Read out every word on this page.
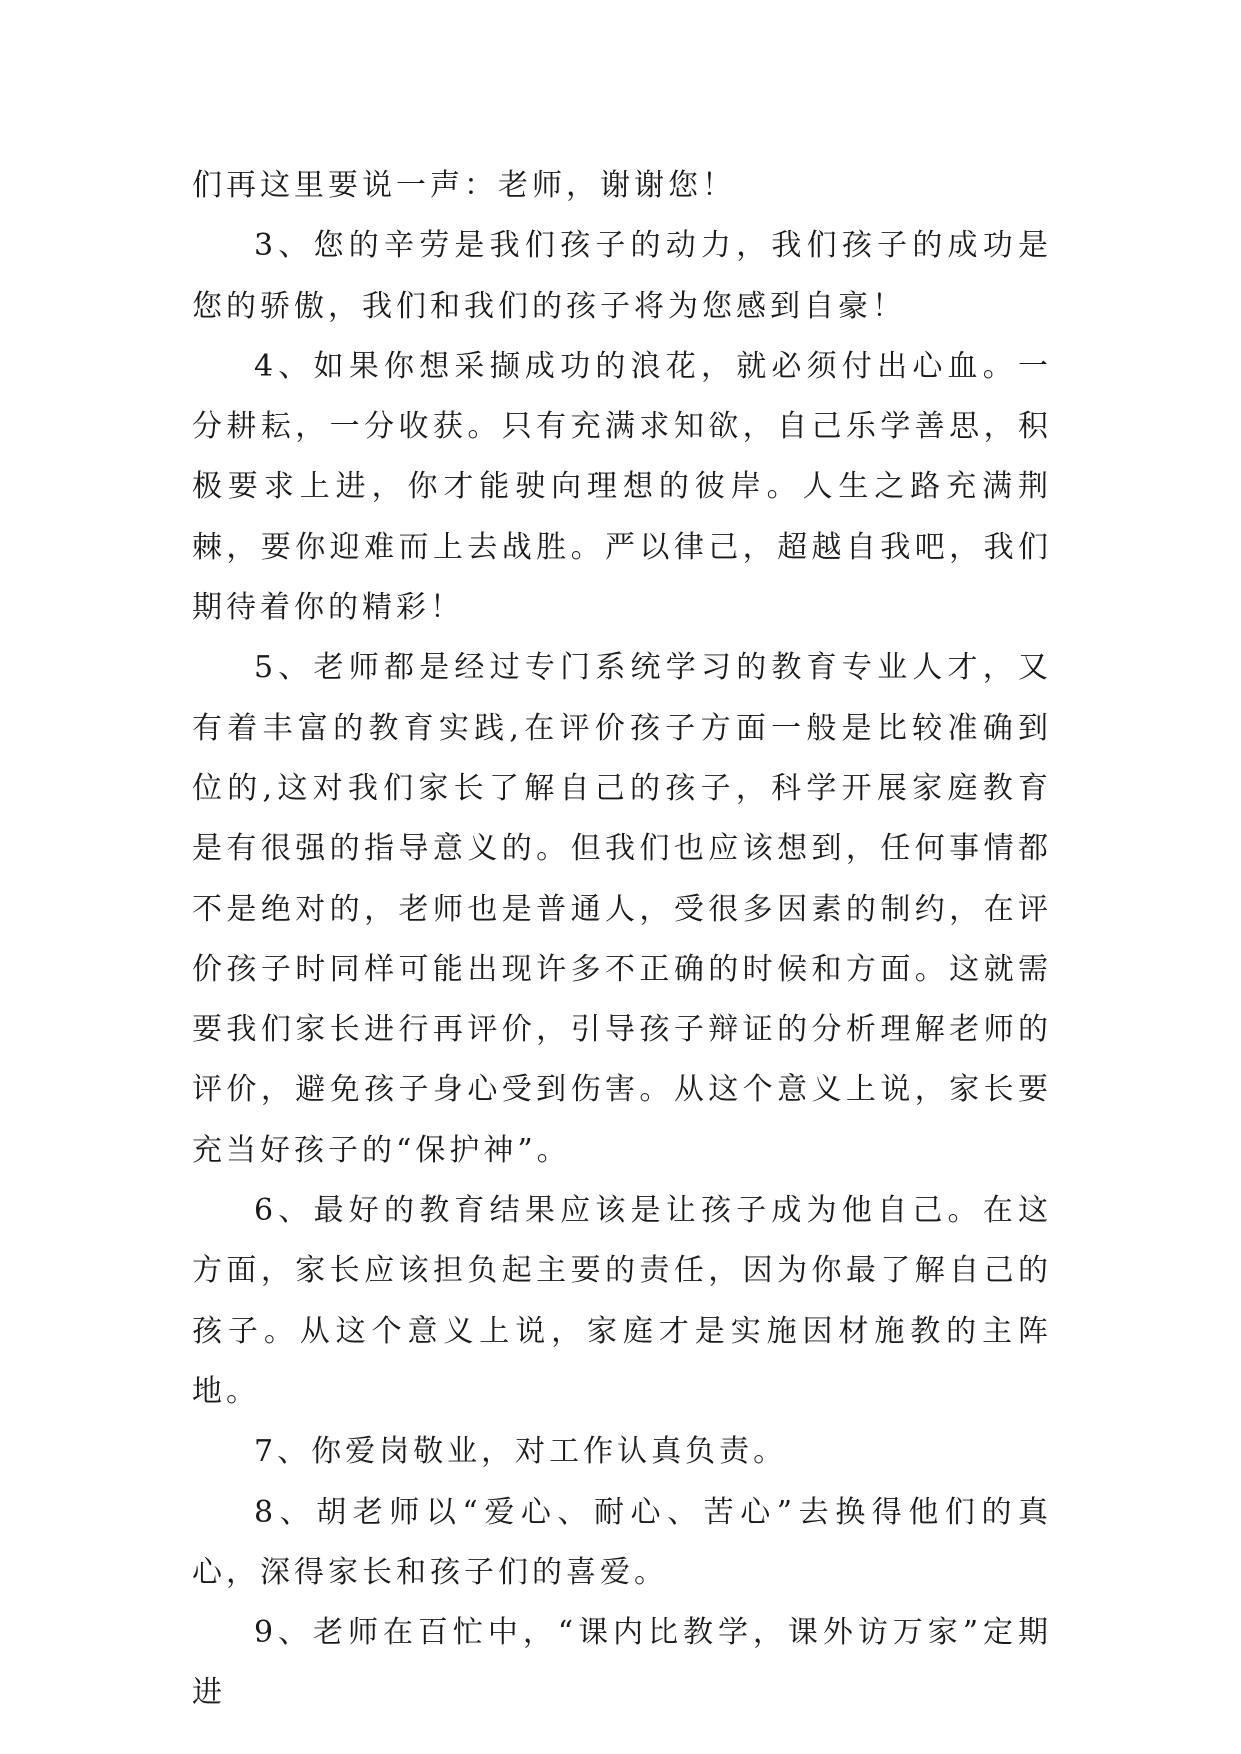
们再这里要说一声：老师，谢谢您！

3、您的辛劳是我们孩子的动力，我们孩子的成功是您的骄傲，我们和我们的孩子将为您感到自豪！

4、如果你想采撷成功的浪花，就必须付出心血。一分耕耘，一分收获。只有充满求知欲，自己乐学善思，积极要求上进，你才能驶向理想的彼岸。人生之路充满荆棘，要你迎难而上去战胜。严以律己，超越自我吧，我们期待着你的精彩！

5、老师都是经过专门系统学习的教育专业人才，又有着丰富的教育实践,在评价孩子方面一般是比较准确到位的,这对我们家长了解自己的孩子，科学开展家庭教育是有很强的指导意义的。但我们也应该想到，任何事情都不是绝对的，老师也是普通人，受很多因素的制约，在评价孩子时同样可能出现许多不正确的时候和方面。这就需要我们家长进行再评价，引导孩子辩证的分析理解老师的评价，避免孩子身心受到伤害。从这个意义上说，家长要充当好孩子的“保护神”。

6、最好的教育结果应该是让孩子成为他自己。在这方面，家长应该担负起主要的责任，因为你最了解自己的孩子。从这个意义上说，家庭才是实施因材施教的主阵地。

7、你爱岗敬业，对工作认真负责。

8、胡老师以“爱心、耐心、苦心”去换得他们的真心，深得家长和孩子们的喜爱。

9、老师在百忙中，“课内比教学，课外访万家”定期进
